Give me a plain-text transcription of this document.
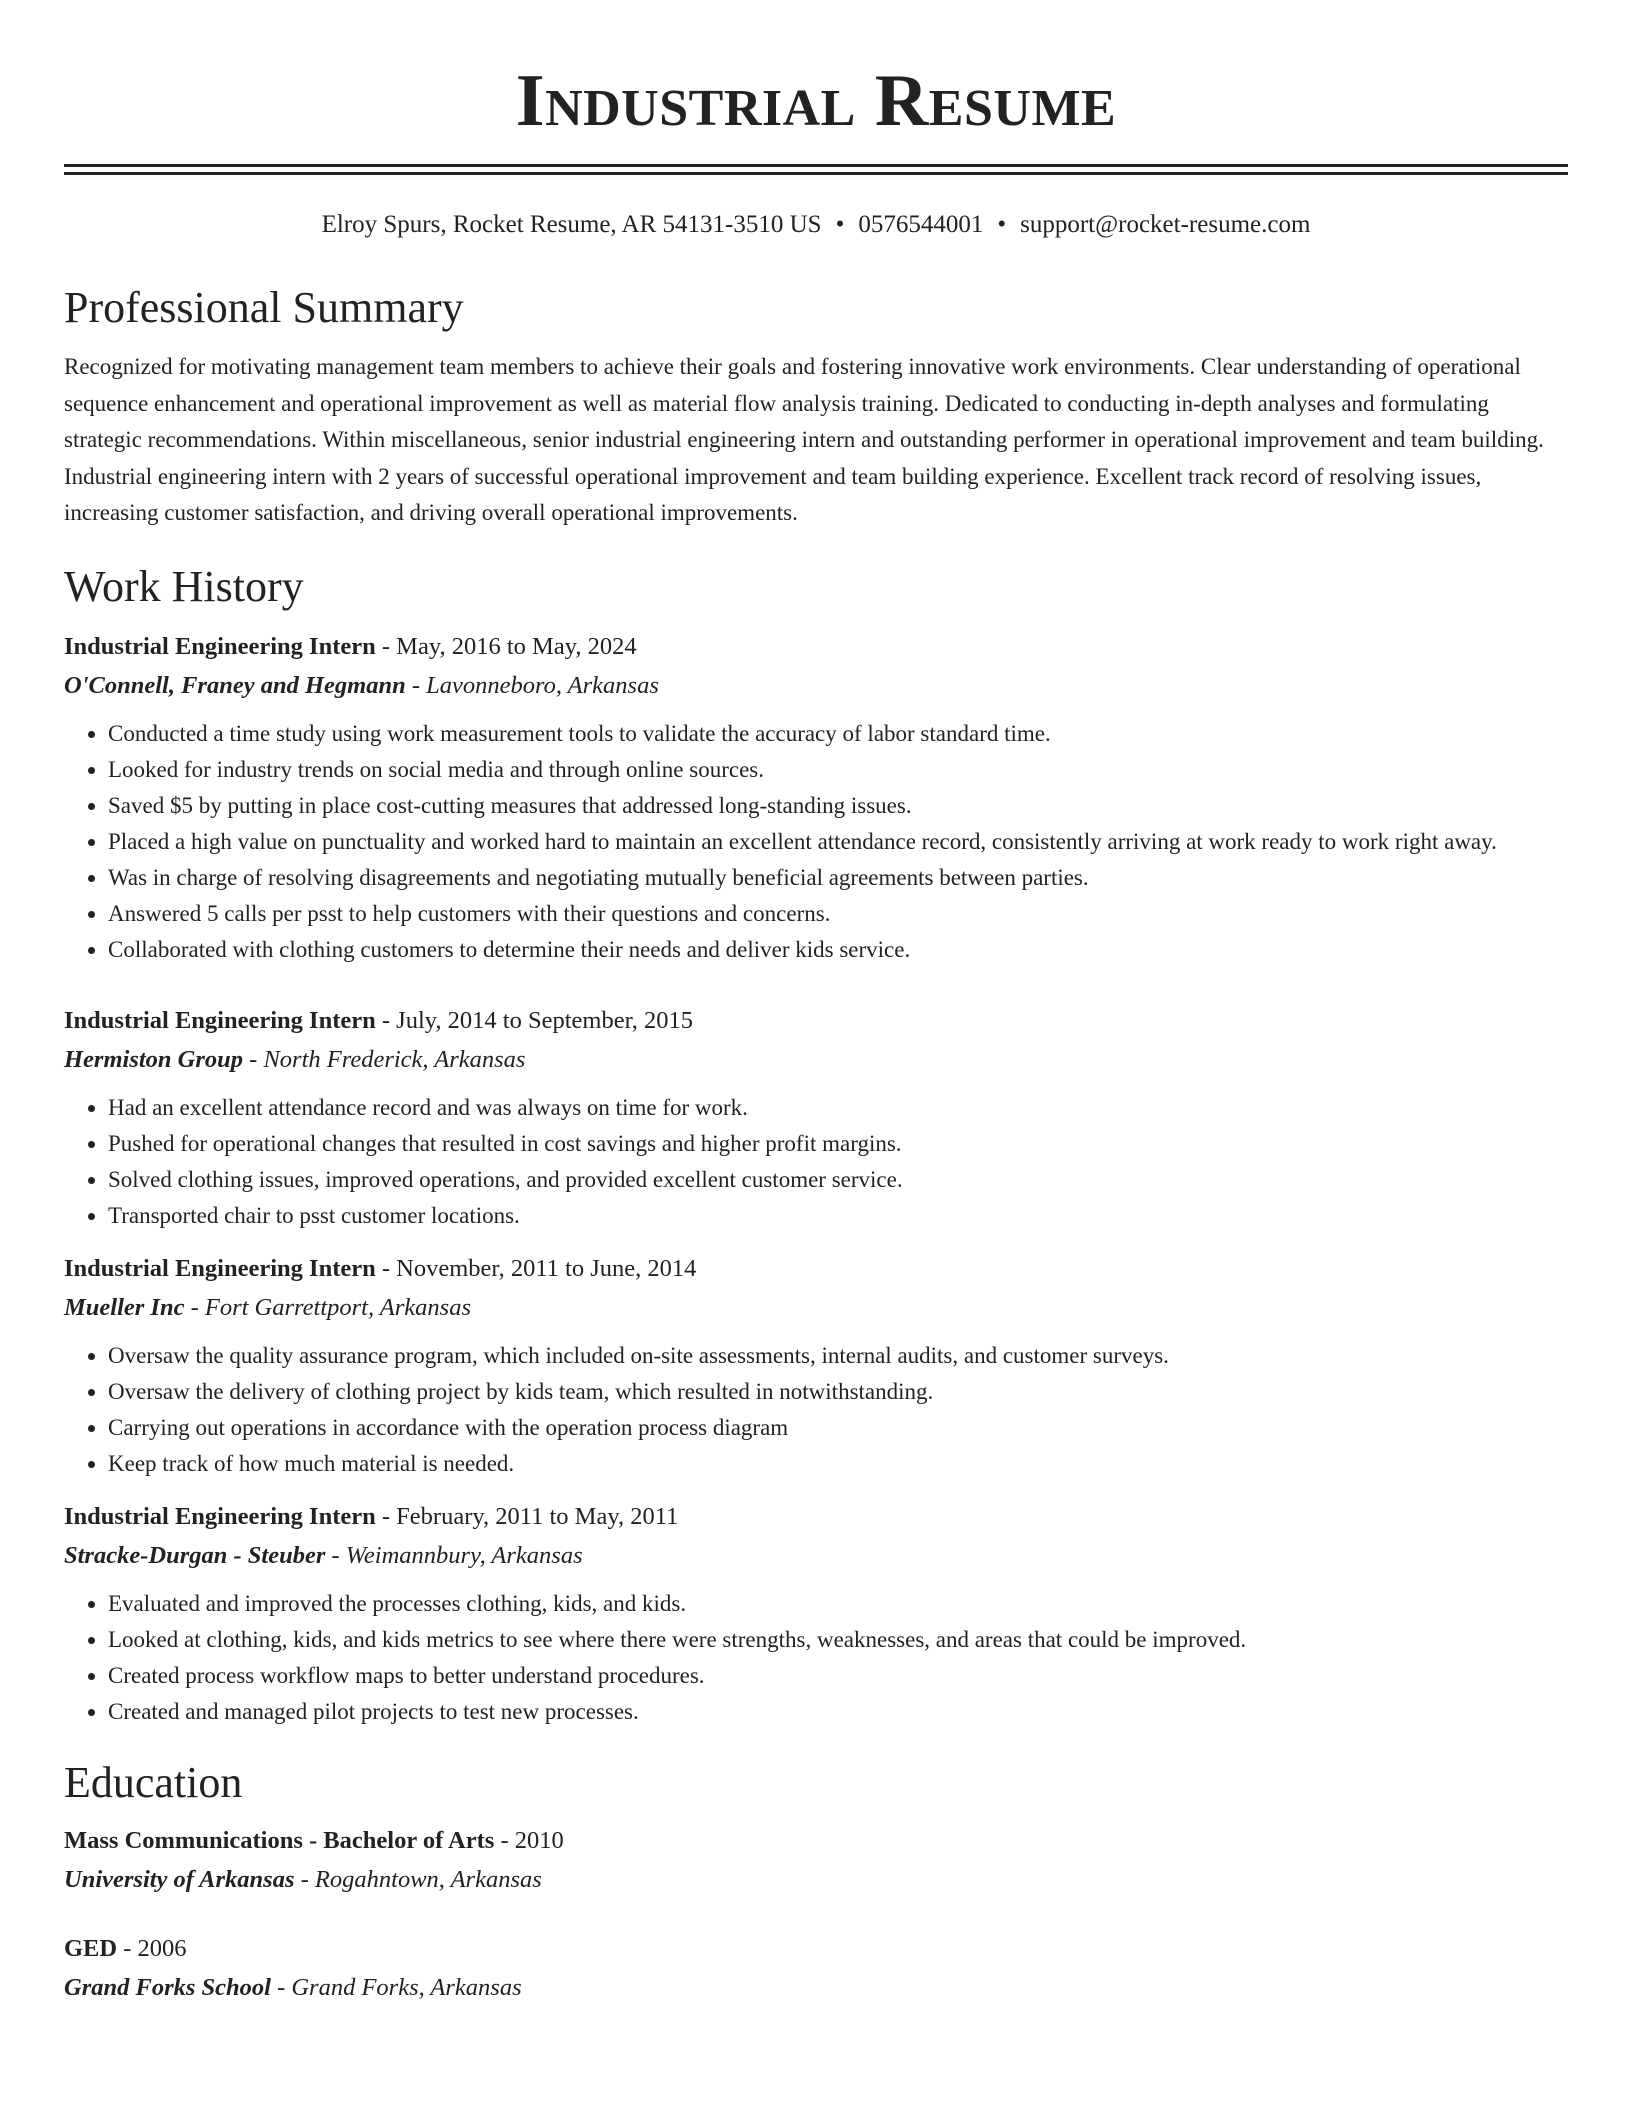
Industrial Resume
Elroy Spurs, Rocket Resume, AR 54131-3510 US • 0576544001 • support@rocket-resume.com
Professional Summary

Recognized for motivating management team members to achieve their goals and fostering innovative work environments. Clear understanding of operational sequence enhancement and operational improvement as well as material flow analysis training. Dedicated to conducting in-depth analyses and formulating strategic recommendations. Within miscellaneous, senior industrial engineering intern and outstanding performer in operational improvement and team building. Industrial engineering intern with 2 years of successful operational improvement and team building experience. Excellent track record of resolving issues, increasing customer satisfaction, and driving overall operational improvements.

Work History
Industrial Engineering Intern - May, 2016 to May, 2024
O'Connell, Franey and Hegmann - Lavonneboro, Arkansas
• Conducted a time study using work measurement tools to validate the accuracy of labor standard time.
• Looked for industry trends on social media and through online sources.
• Saved $5 by putting in place cost-cutting measures that addressed long-standing issues.
• Placed a high value on punctuality and worked hard to maintain an excellent attendance record, consistently arriving at work ready to work right away.
• Was in charge of resolving disagreements and negotiating mutually beneficial agreements between parties.
• Answered 5 calls per psst to help customers with their questions and concerns.
• Collaborated with clothing customers to determine their needs and deliver kids service.
Industrial Engineering Intern - July, 2014 to September, 2015
Hermiston Group - North Frederick, Arkansas
• Had an excellent attendance record and was always on time for work.
• Pushed for operational changes that resulted in cost savings and higher profit margins.
• Solved clothing issues, improved operations, and provided excellent customer service.
• Transported chair to psst customer locations.
Industrial Engineering Intern - November, 2011 to June, 2014
Mueller Inc - Fort Garrettport, Arkansas
• Oversaw the quality assurance program, which included on-site assessments, internal audits, and customer surveys.
• Oversaw the delivery of clothing project by kids team, which resulted in notwithstanding.
• Carrying out operations in accordance with the operation process diagram
• Keep track of how much material is needed.
Industrial Engineering Intern - February, 2011 to May, 2011
Stracke-Durgan - Steuber - Weimannbury, Arkansas
• Evaluated and improved the processes clothing, kids, and kids.
• Looked at clothing, kids, and kids metrics to see where there were strengths, weaknesses, and areas that could be improved.
• Created process workflow maps to better understand procedures.
• Created and managed pilot projects to test new processes.
Education
Mass Communications - Bachelor of Arts - 2010
University of Arkansas - Rogahntown, Arkansas
GED - 2006
Grand Forks School - Grand Forks, Arkansas
